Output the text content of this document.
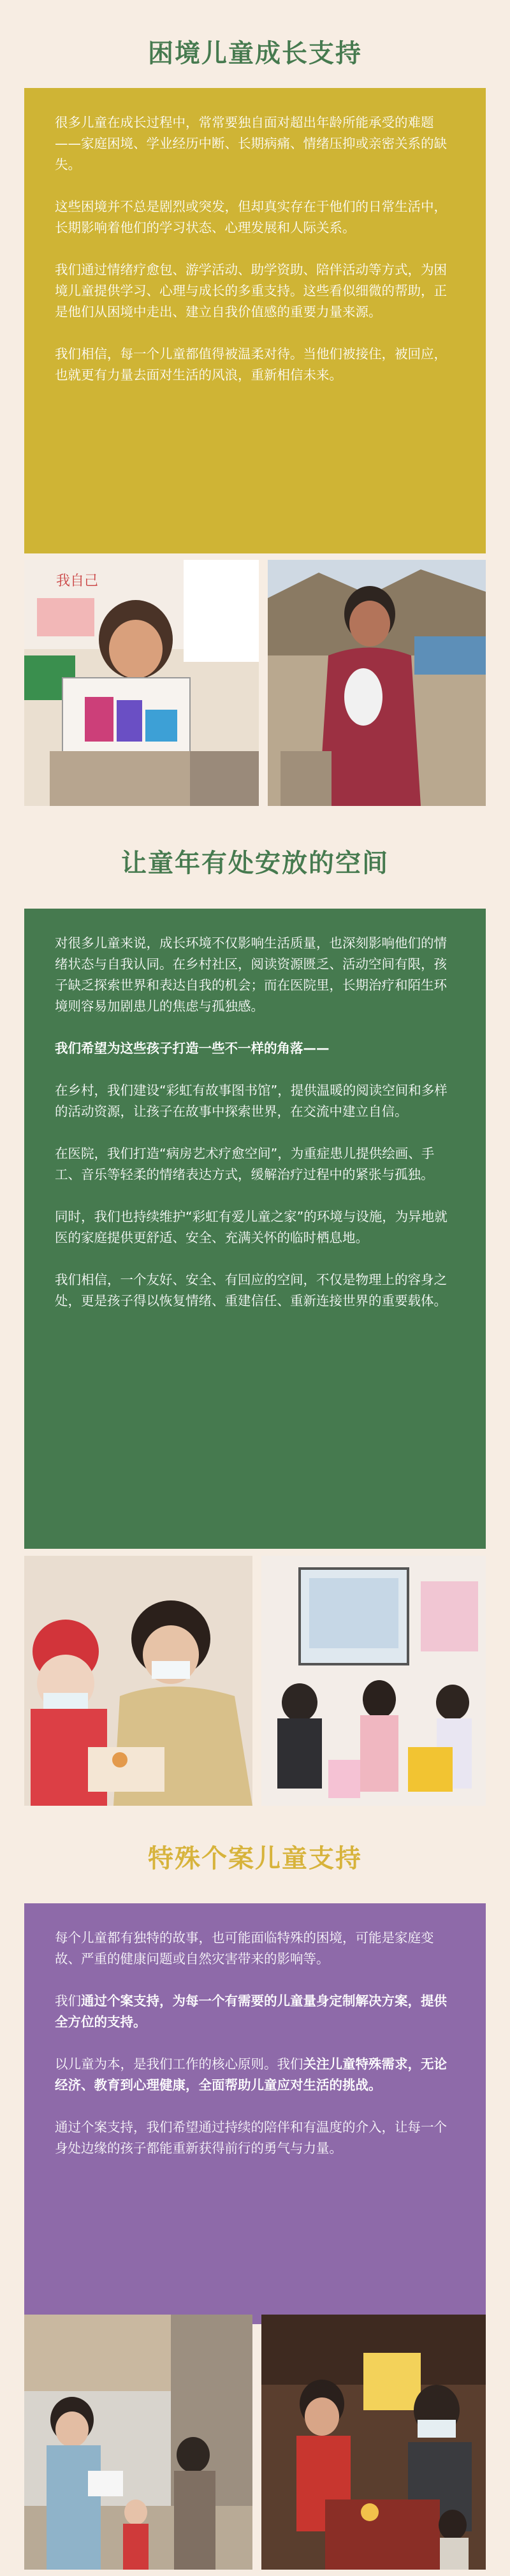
困境儿童成长支持

很多儿童在成长过程中，常常要独自面对超出年龄所能承受的难题——家庭困境、学业经历中断、长期病痛、情绪压抑或亲密关系的缺失。

这些困境并不总是剧烈或突发，但却真实存在于他们的日常生活中，长期影响着他们的学习状态、心理发展和人际关系。

我们通过情绪疗愈包、游学活动、助学资助、陪伴活动等方式，为困境儿童提供学习、心理与成长的多重支持。这些看似细微的帮助，正是他们从困境中走出、建立自我价值感的重要力量来源。

我们相信，每一个儿童都值得被温柔对待。当他们被接住，被回应，也就更有力量去面对生活的风浪，重新相信未来。

我自己
让童年有处安放的空间

对很多儿童来说，成长环境不仅影响生活质量，也深刻影响他们的情绪状态与自我认同。在乡村社区，阅读资源匮乏、活动空间有限，孩子缺乏探索世界和表达自我的机会；而在医院里，长期治疗和陌生环境则容易加剧患儿的焦虑与孤独感。

我们希望为这些孩子打造一些不一样的角落——

在乡村，我们建设“彩虹有故事图书馆”，提供温暖的阅读空间和多样的活动资源，让孩子在故事中探索世界，在交流中建立自信。

在医院，我们打造“病房艺术疗愈空间”，为重症患儿提供绘画、手工、音乐等轻柔的情绪表达方式，缓解治疗过程中的紧张与孤独。

同时，我们也持续维护“彩虹有爱儿童之家”的环境与设施，为异地就医的家庭提供更舒适、安全、充满关怀的临时栖息地。

我们相信，一个友好、安全、有回应的空间，不仅是物理上的容身之处，更是孩子得以恢复情绪、重建信任、重新连接世界的重要载体。

特殊个案儿童支持

每个儿童都有独特的故事，也可能面临特殊的困境，可能是家庭变故、严重的健康问题或自然灾害带来的影响等。

我们通过个案支持，为每一个有需要的儿童量身定制解决方案，提供全方位的支持。

以儿童为本，是我们工作的核心原则。我们关注儿童特殊需求，无论经济、教育到心理健康，全面帮助儿童应对生活的挑战。

通过个案支持，我们希望通过持续的陪伴和有温度的介入，让每一个身处边缘的孩子都能重新获得前行的勇气与力量。
